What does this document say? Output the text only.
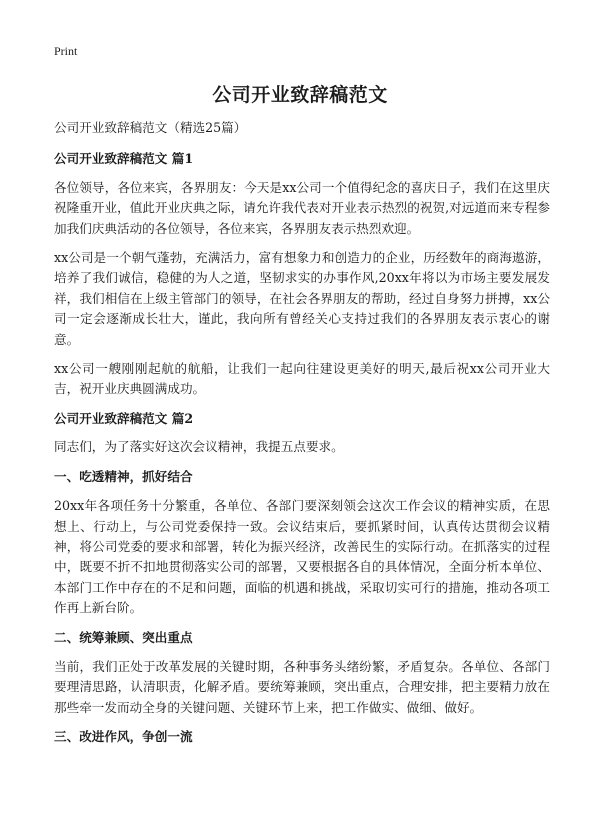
Print
公司开业致辞稿范文

公司开业致辞稿范文（精选25篇）

公司开业致辞稿范文 篇1

各位领导，各位来宾，各界朋友：今天是xx公司一个值得纪念的喜庆日子，我们在这里庆祝隆重开业，值此开业庆典之际，请允许我代表对开业表示热烈的祝贺,对远道而来专程参加我们庆典活动的各位领导，各位来宾，各界朋友表示热烈欢迎。

xx公司是一个朝气蓬勃，充满活力，富有想象力和创造力的企业，历经数年的商海遨游，培养了我们诚信，稳健的为人之道，坚韧求实的办事作风,20xx年将以为市场主要发展发祥，我们相信在上级主管部门的领导，在社会各界朋友的帮助，经过自身努力拼搏，xx公司一定会逐渐成长壮大，谨此，我向所有曾经关心支持过我们的各界朋友表示衷心的谢意。

xx公司一艘刚刚起航的航船，让我们一起向往建设更美好的明天,最后祝xx公司开业大吉，祝开业庆典圆满成功。

公司开业致辞稿范文 篇2

同志们，为了落实好这次会议精神，我提五点要求。

一、吃透精神，抓好结合

20xx年各项任务十分繁重，各单位、各部门要深刻领会这次工作会议的精神实质，在思想上、行动上，与公司党委保持一致。会议结束后，要抓紧时间，认真传达贯彻会议精神，将公司党委的要求和部署，转化为振兴经济，改善民生的实际行动。在抓落实的过程中，既要不折不扣地贯彻落实公司的部署，又要根据各自的具体情况，全面分析本单位、本部门工作中存在的不足和问题，面临的机遇和挑战，采取切实可行的措施，推动各项工作再上新台阶。

二、统筹兼顾、突出重点

当前，我们正处于改革发展的关键时期，各种事务头绪纷繁，矛盾复杂。各单位、各部门要理清思路，认清职责，化解矛盾。要统筹兼顾，突出重点，合理安排，把主要精力放在那些牵一发而动全身的关键问题、关键环节上来，把工作做实、做细、做好。

三、改进作风，争创一流
